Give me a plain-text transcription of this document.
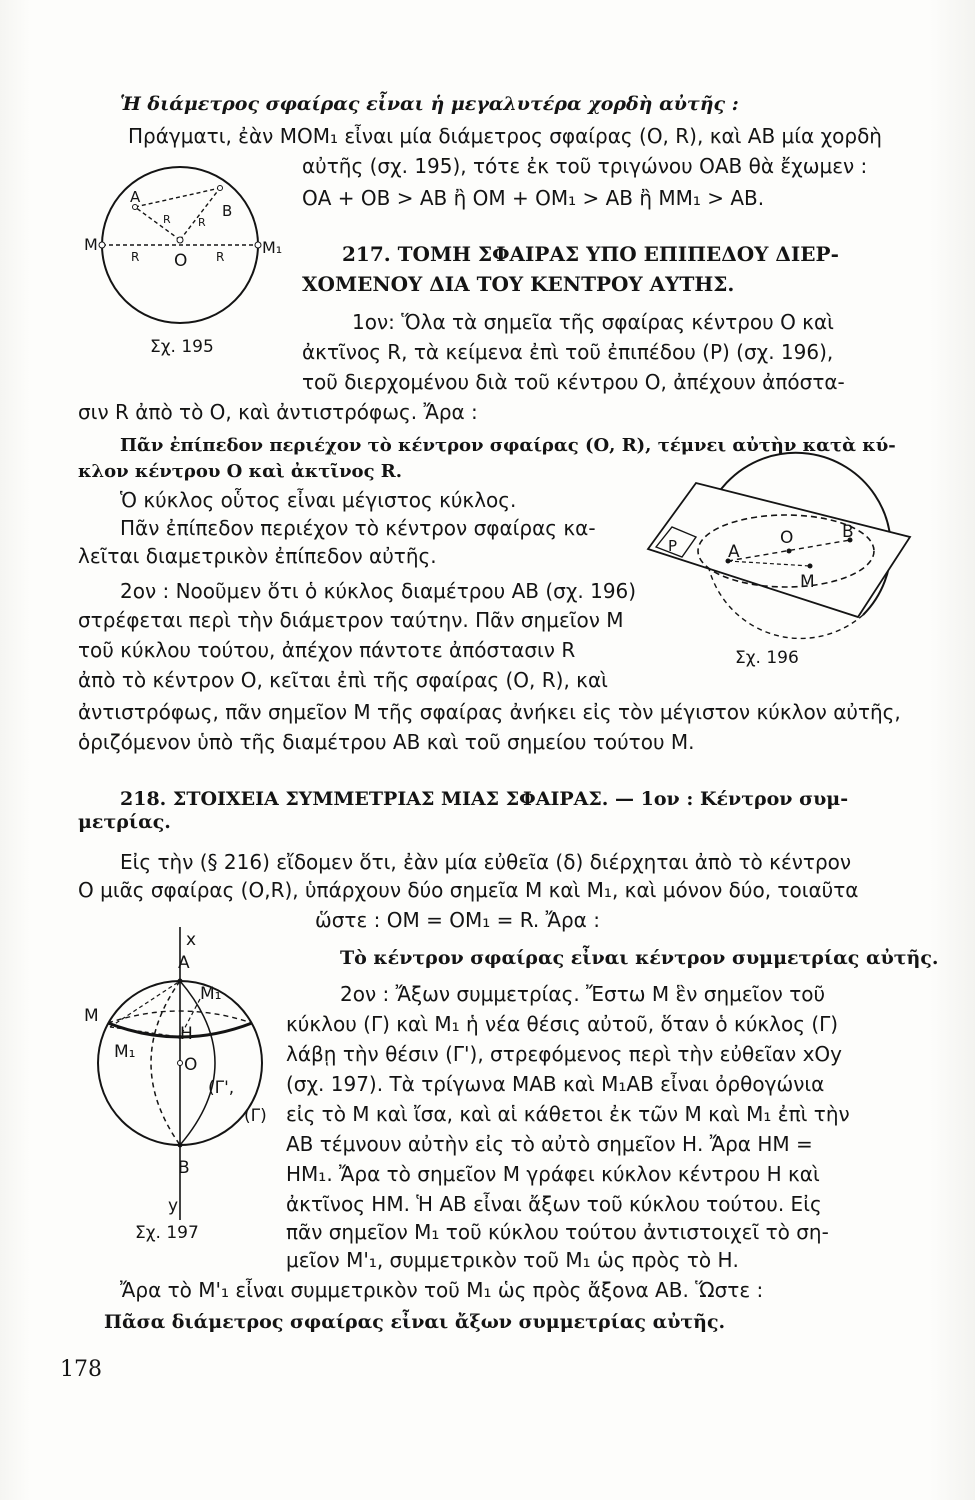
A
B
M	M₁
O
R	R
R R
Σχ. 195
P	A
O	B
M
Σχ. 196
x
A
M
M₁
H
M₁
O
(Γ',
(Γ)
B
y
Σχ. 197
Ἡ διάμετρος σφαίρας εἶναι ἡ μεγαλυτέρα χορδὴ αὐτῆς :
Πράγματι, ἐὰν ΜΟΜ₁ εἶναι μία διάμετρος σφαίρας (Ο, R), καὶ ΑΒ μία χορδὴ
αὐτῆς (σχ. 195), τότε ἐκ τοῦ τριγώνου ΟΑΒ θὰ ἔχωμεν :
ΟΑ + ΟΒ > ΑΒ ἢ ΟΜ + ΟΜ₁ > ΑΒ ἢ ΜΜ₁ > ΑΒ.
217. ΤΟΜΗ ΣΦΑΙΡΑΣ ΥΠΟ ΕΠΙΠΕΔΟΥ ΔΙΕΡ-
ΧΟΜΕΝΟΥ ΔΙΑ ΤΟΥ ΚΕΝΤΡΟΥ ΑΥΤΗΣ.
1ον: Ὅλα τὰ σημεῖα τῆς σφαίρας κέντρου Ο καὶ
ἀκτῖνος R, τὰ κείμενα ἐπὶ τοῦ ἐπιπέδου (Ρ) (σχ. 196),
τοῦ διερχομένου διὰ τοῦ κέντρου Ο, ἀπέχουν ἀπόστα-
σιν R ἀπὸ τὸ Ο, καὶ ἀντιστρόφως. Ἄρα :
Πᾶν ἐπίπεδον περιέχον τὸ κέντρον σφαίρας (Ο, R), τέμνει αὐτὴν κατὰ κύ-
κλον κέντρου Ο καὶ ἀκτῖνος R.
Ὁ κύκλος οὗτος εἶναι μέγιστος κύκλος.
Πᾶν ἐπίπεδον περιέχον τὸ κέντρον σφαίρας κα-
λεῖται διαμετρικὸν ἐπίπεδον αὐτῆς.
2ον : Νοοῦμεν ὅτι ὁ κύκλος διαμέτρου ΑΒ (σχ. 196)
στρέφεται περὶ τὴν διάμετρον ταύτην. Πᾶν σημεῖον Μ
τοῦ κύκλου τούτου, ἀπέχον πάντοτε ἀπόστασιν R
ἀπὸ τὸ κέντρον Ο, κεῖται ἐπὶ τῆς σφαίρας (Ο, R), καὶ
ἀντιστρόφως, πᾶν σημεῖον Μ τῆς σφαίρας ἀνήκει εἰς τὸν μέγιστον κύκλον αὐτῆς,
ὁριζόμενον ὑπὸ τῆς διαμέτρου ΑΒ καὶ τοῦ σημείου τούτου Μ.
218. ΣΤΟΙΧΕΙΑ ΣΥΜΜΕΤΡΙΑΣ ΜΙΑΣ ΣΦΑΙΡΑΣ. — 1ον : Κέντρον συμ-
μετρίας.
Εἰς τὴν (§ 216) εἴδομεν ὅτι, ἐὰν μία εὐθεῖα (δ) διέρχηται ἀπὸ τὸ κέντρον
Ο μιᾶς σφαίρας (Ο,R), ὑπάρχουν δύο σημεῖα Μ καὶ Μ₁, καὶ μόνον δύο, τοιαῦτα
ὥστε : ΟΜ = ΟΜ₁ = R. Ἄρα :
Τὸ κέντρον σφαίρας εἶναι κέντρον συμμετρίας αὐτῆς.
2ον : Ἄξων συμμετρίας. Ἔστω Μ ἓν σημεῖον τοῦ
κύκλου (Γ) καὶ Μ₁ ἡ νέα θέσις αὐτοῦ, ὅταν ὁ κύκλος (Γ)
λάβῃ τὴν θέσιν (Γ'), στρεφόμενος περὶ τὴν εὐθεῖαν xΟy
(σχ. 197). Τὰ τρίγωνα ΜΑΒ καὶ Μ₁ΑΒ εἶναι ὀρθογώνια
εἰς τὸ Μ καὶ ἴσα, καὶ αἱ κάθετοι ἐκ τῶν Μ καὶ Μ₁ ἐπὶ τὴν
ΑΒ τέμνουν αὐτὴν εἰς τὸ αὐτὸ σημεῖον Η. Ἄρα ΗΜ =
ΗΜ₁. Ἄρα τὸ σημεῖον Μ γράφει κύκλον κέντρου Η καὶ
ἀκτῖνος ΗΜ. Ἡ ΑΒ εἶναι ἄξων τοῦ κύκλου τούτου. Εἰς
πᾶν σημεῖον Μ₁ τοῦ κύκλου τούτου ἀντιστοιχεῖ τὸ ση-
μεῖον Μ'₁, συμμετρικὸν τοῦ Μ₁ ὡς πρὸς τὸ Η.
Ἄρα τὸ Μ'₁ εἶναι συμμετρικὸν τοῦ Μ₁ ὡς πρὸς ἄξονα ΑΒ. Ὥστε :
Πᾶσα διάμετρος σφαίρας εἶναι ἄξων συμμετρίας αὐτῆς.
178
